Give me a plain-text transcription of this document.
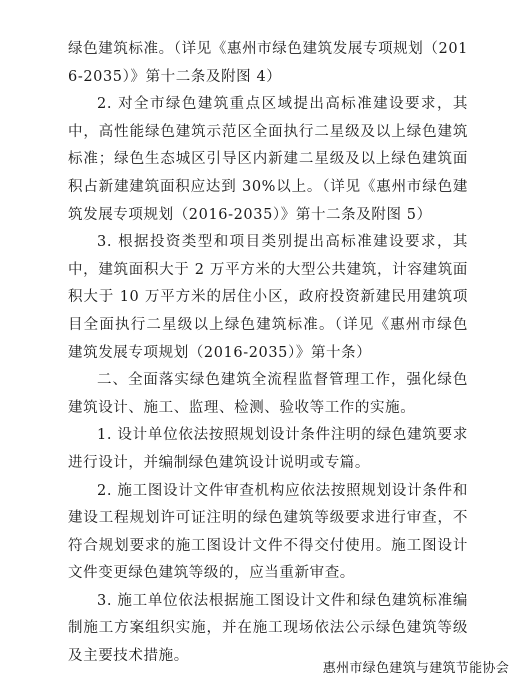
绿色建筑标准。（详见《惠州市绿色建筑发展专项规划（2016-2035）》第十二条及附图 4）

2. 对全市绿色建筑重点区域提出高标准建设要求，其中，高性能绿色建筑示范区全面执行二星级及以上绿色建筑标准；绿色生态城区引导区内新建二星级及以上绿色建筑面积占新建建筑面积应达到 30%以上。（详见《惠州市绿色建筑发展专项规划（2016-2035）》第十二条及附图 5）

3. 根据投资类型和项目类别提出高标准建设要求，其中，建筑面积大于 2 万平方米的大型公共建筑，计容建筑面积大于 10 万平方米的居住小区，政府投资新建民用建筑项目全面执行二星级以上绿色建筑标准。（详见《惠州市绿色建筑发展专项规划（2016-2035）》第十条）

二、全面落实绿色建筑全流程监督管理工作，强化绿色建筑设计、施工、监理、检测、验收等工作的实施。

1. 设计单位依法按照规划设计条件注明的绿色建筑要求进行设计，并编制绿色建筑设计说明或专篇。

2. 施工图设计文件审查机构应依法按照规划设计条件和建设工程规划许可证注明的绿色建筑等级要求进行审查，不符合规划要求的施工图设计文件不得交付使用。施工图设计文件变更绿色建筑等级的，应当重新审查。

3. 施工单位依法根据施工图设计文件和绿色建筑标准编制施工方案组织实施，并在施工现场依法公示绿色建筑等级及主要技术措施。

惠州市绿色建筑与建筑节能协会
